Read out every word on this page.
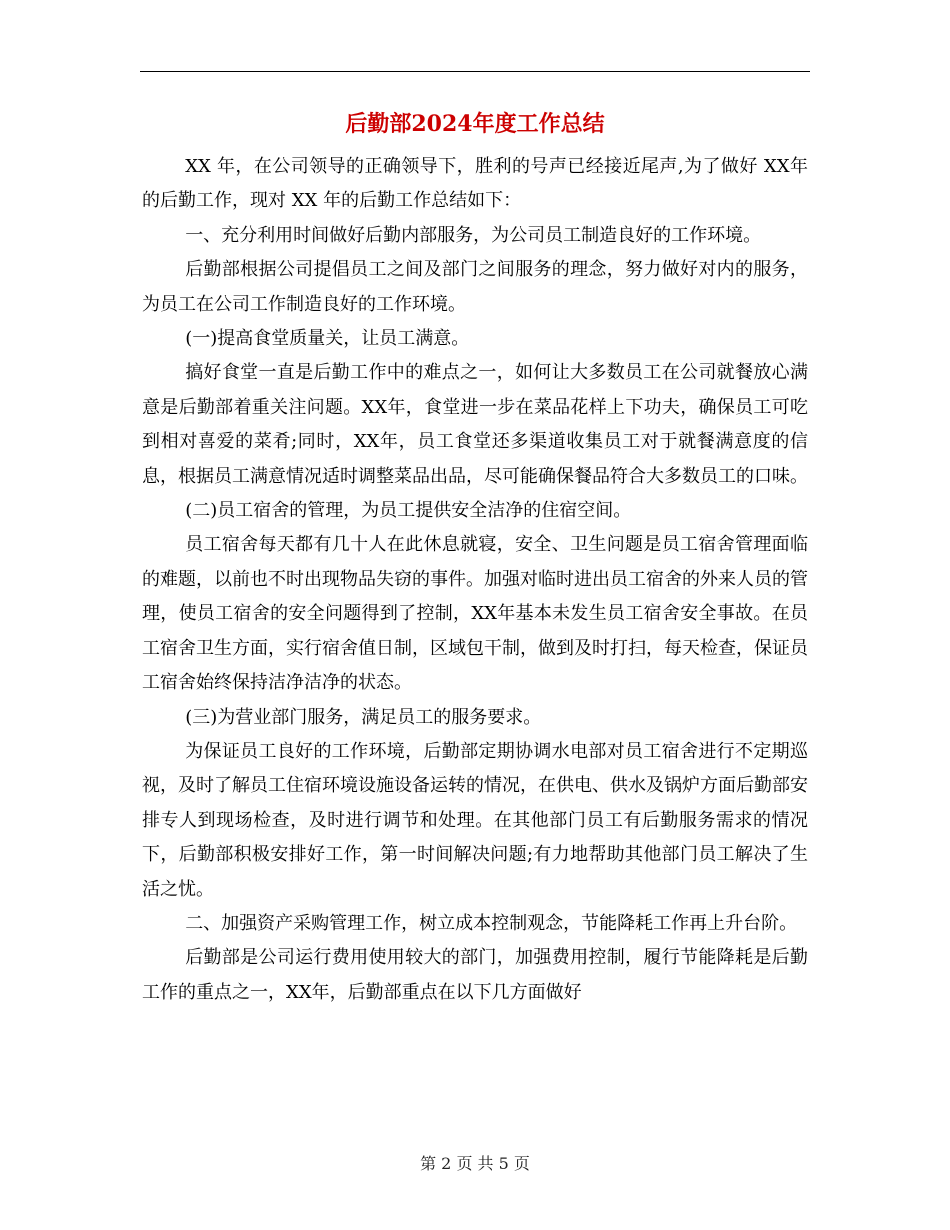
后勤部2024年度工作总结

XX 年，在公司领导的正确领导下，胜利的号声已经接近尾声,为了做好 XX年的后勤工作，现对 XX 年的后勤工作总结如下：

一、充分利用时间做好后勤内部服务，为公司员工制造良好的工作环境。

后勤部根据公司提倡员工之间及部门之间服务的理念，努力做好对内的服务，为员工在公司工作制造良好的工作环境。

(一)提高食堂质量关，让员工满意。

搞好食堂一直是后勤工作中的难点之一，如何让大多数员工在公司就餐放心满意是后勤部着重关注问题。XX年，食堂进一步在菜品花样上下功夫，确保员工可吃到相对喜爱的菜肴;同时，XX年，员工食堂还多渠道收集员工对于就餐满意度的信息，根据员工满意情况适时调整菜品出品，尽可能确保餐品符合大多数员工的口味。

(二)员工宿舍的管理，为员工提供安全洁净的住宿空间。

员工宿舍每天都有几十人在此休息就寝，安全、卫生问题是员工宿舍管理面临的难题，以前也不时出现物品失窃的事件。加强对临时进出员工宿舍的外来人员的管理，使员工宿舍的安全问题得到了控制，XX年基本未发生员工宿舍安全事故。在员工宿舍卫生方面，实行宿舍值日制，区域包干制，做到及时打扫，每天检查，保证员工宿舍始终保持洁净洁净的状态。

(三)为营业部门服务，满足员工的服务要求。

为保证员工良好的工作环境，后勤部定期协调水电部对员工宿舍进行不定期巡视，及时了解员工住宿环境设施设备运转的情况，在供电、供水及锅炉方面后勤部安排专人到现场检查，及时进行调节和处理。在其他部门员工有后勤服务需求的情况下，后勤部积极安排好工作，第一时间解决问题;有力地帮助其他部门员工解决了生活之忧。

二、加强资产采购管理工作，树立成本控制观念，节能降耗工作再上升台阶。

后勤部是公司运行费用使用较大的部门，加强费用控制，履行节能降耗是后勤工作的重点之一，XX年，后勤部重点在以下几方面做好

第 2 页 共 5 页
